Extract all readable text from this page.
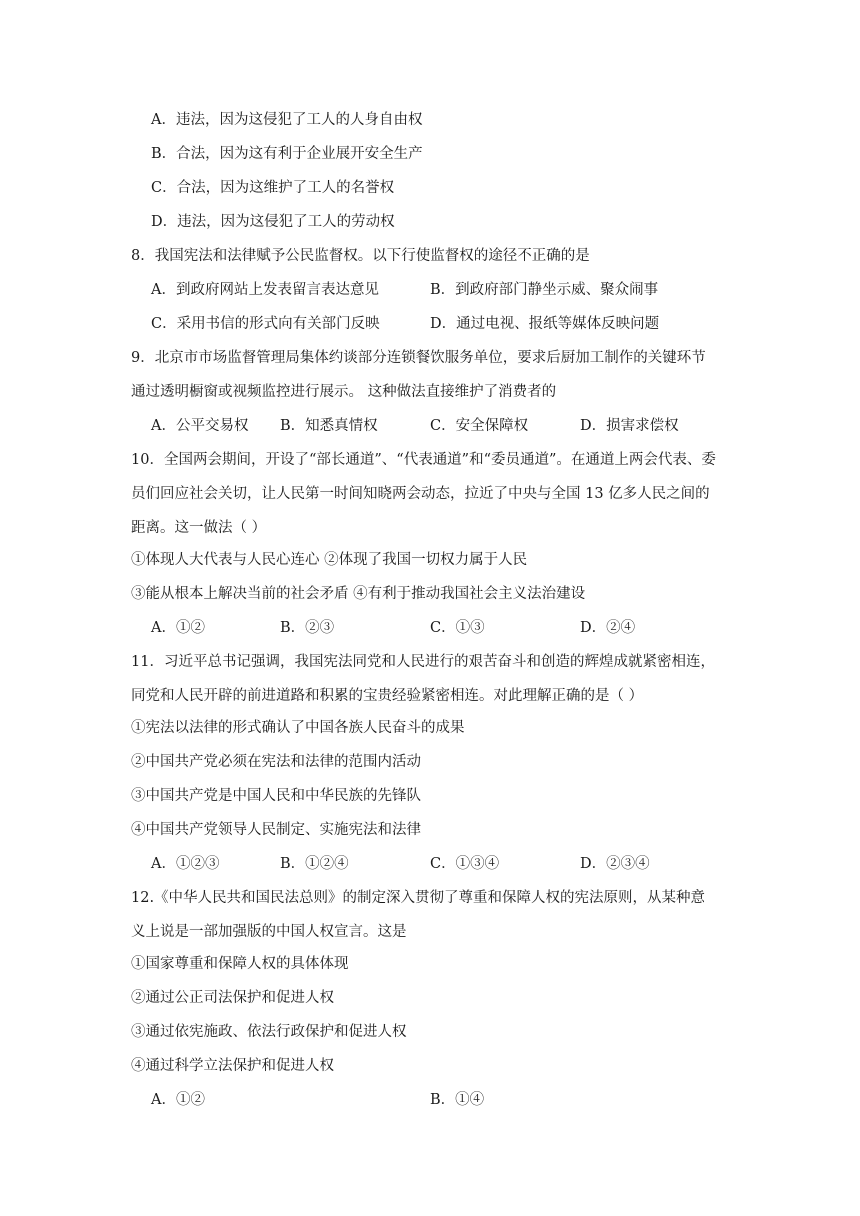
A．违法，因为这侵犯了工人的人身自由权
B．合法，因为这有利于企业展开安全生产
C．合法，因为这维护了工人的名誉权
D．违法，因为这侵犯了工人的劳动权
8．我国宪法和法律赋予公民监督权。以下行使监督权的途径不正确的是
A．到政府网站上发表留言表达意见	B．到政府部门静坐示威、聚众闹事
C．采用书信的形式向有关部门反映	D．通过电视、报纸等媒体反映问题
9．北京市市场监督管理局集体约谈部分连锁餐饮服务单位，要求后厨加工制作的关键环节
通过透明橱窗或视频监控进行展示。 这种做法直接维护了消费者的
A．公平交易权 B．知悉真情权	C．安全保障权	D．损害求偿权
10．全国两会期间，开设了“部长通道”、“代表通道”和“委员通道”。在通道上两会代表、委
员们回应社会关切，让人民第一时间知晓两会动态，拉近了中央与全国 13 亿多人民之间的
距离。这一做法（ ）
①体现人大代表与人民心连心 ②体现了我国一切权力属于人民
③能从根本上解决当前的社会矛盾 ④有利于推动我国社会主义法治建设
A．①②	B．②③	C．①③	D．②④
11．习近平总书记强调，我国宪法同党和人民进行的艰苦奋斗和创造的辉煌成就紧密相连，
同党和人民开辟的前进道路和积累的宝贵经验紧密相连。对此理解正确的是（ ）
①宪法以法律的形式确认了中国各族人民奋斗的成果
②中国共产党必须在宪法和法律的范围内活动
③中国共产党是中国人民和中华民族的先锋队
④中国共产党领导人民制定、实施宪法和法律
A．①②③	B．①②④	C．①③④	D．②③④
12.《中华人民共和国民法总则》的制定深入贯彻了尊重和保障人权的宪法原则，从某种意
义上说是一部加强版的中国人权宣言。这是
①国家尊重和保障人权的具体体现
②通过公正司法保护和促进人权
③通过依宪施政、依法行政保护和促进人权
④通过科学立法保护和促进人权
A．①②	B．①④
